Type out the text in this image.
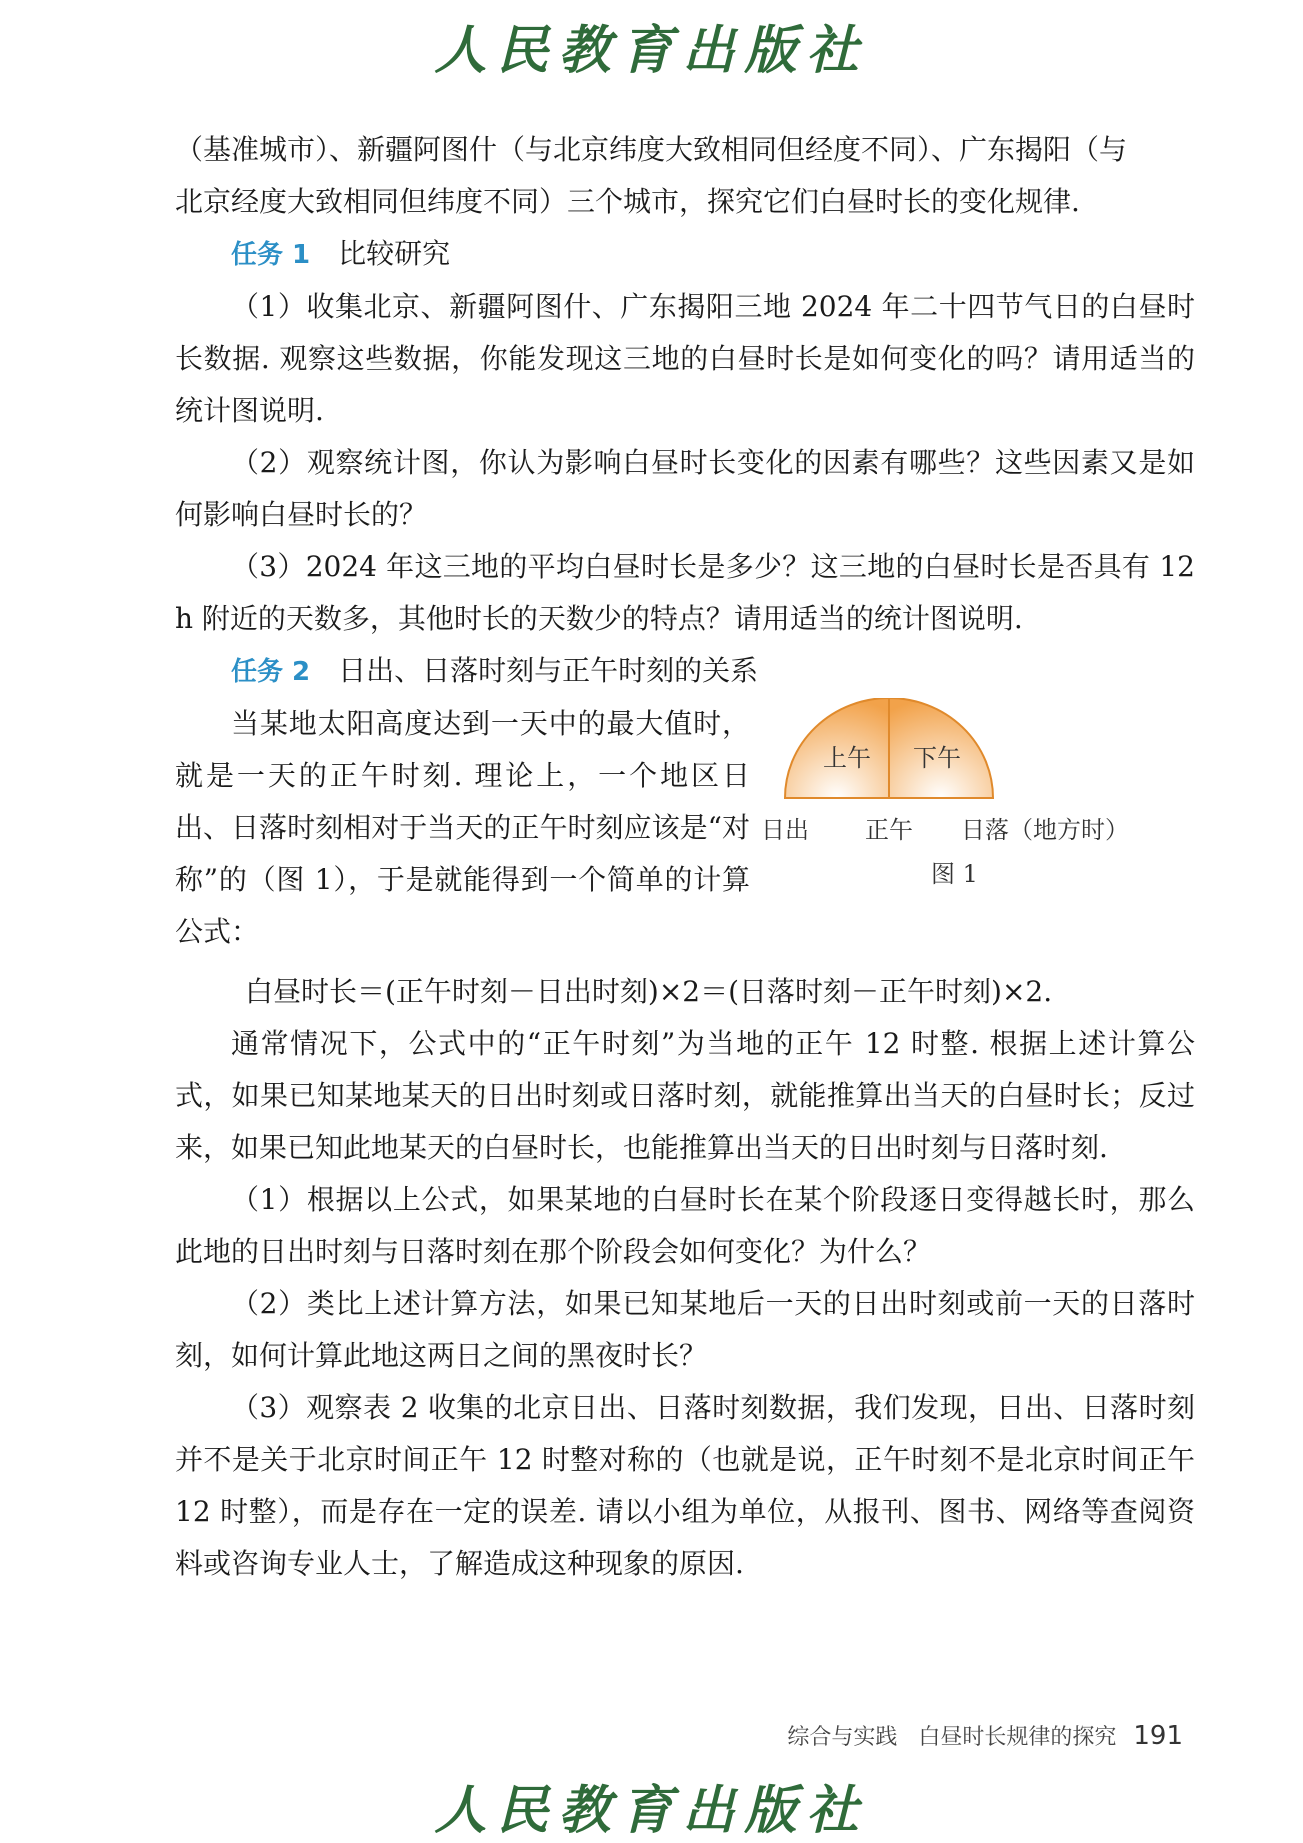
人民教育出版社

（基准城市）、新疆阿图什（与北京纬度大致相同但经度不同）、广东揭阳（与

北京经度大致相同但纬度不同）三个城市，探究它们白昼时长的变化规律.

任务 1 比较研究

（1）收集北京、新疆阿图什、广东揭阳三地 2024 年二十四节气日的白昼时长数据. 观察这些数据，你能发现这三地的白昼时长是如何变化的吗？请用适当的统计图说明.

（2）观察统计图，你认为影响白昼时长变化的因素有哪些？这些因素又是如何影响白昼时长的？

（3）2024 年这三地的平均白昼时长是多少？这三地的白昼时长是否具有 12 h 附近的天数多，其他时长的天数少的特点？请用适当的统计图说明.

任务 2 日出、日落时刻与正午时刻的关系

当某地太阳高度达到一天中的最大值时，就是一天的正午时刻. 理论上，一个地区日出、日落时刻相对于当天的正午时刻应该是“对称”的（图 1），于是就能得到一个简单的计算公式：

上午 下午
日出 正午 日落（地方时）
图 1

白昼时长＝(正午时刻－日出时刻)×2＝(日落时刻－正午时刻)×2.

通常情况下，公式中的“正午时刻”为当地的正午 12 时整. 根据上述计算公式，如果已知某地某天的日出时刻或日落时刻，就能推算出当天的白昼时长；反过来，如果已知此地某天的白昼时长，也能推算出当天的日出时刻与日落时刻.

（1）根据以上公式，如果某地的白昼时长在某个阶段逐日变得越长时，那么此地的日出时刻与日落时刻在那个阶段会如何变化？为什么？

（2）类比上述计算方法，如果已知某地后一天的日出时刻或前一天的日落时刻，如何计算此地这两日之间的黑夜时长？

（3）观察表 2 收集的北京日出、日落时刻数据，我们发现，日出、日落时刻并不是关于北京时间正午 12 时整对称的（也就是说，正午时刻不是北京时间正午 12 时整），而是存在一定的误差. 请以小组为单位，从报刊、图书、网络等查阅资料或咨询专业人士，了解造成这种现象的原因.

综合与实践 白昼时长规律的探究 191
人民教育出版社
